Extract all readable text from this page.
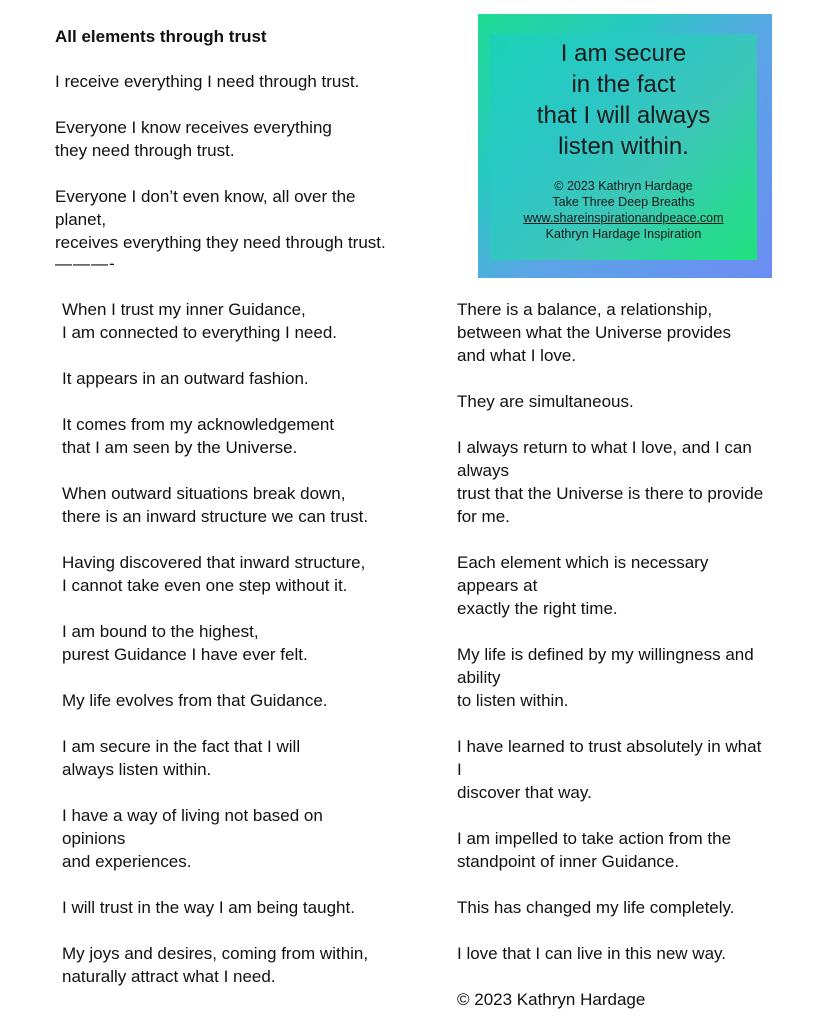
All elements through trust
I receive everything I need through trust.
Everyone I know receives everything
they need through trust.
Everyone I don’t even know, all over the
planet,
receives everything they need through trust.
———-
I am secure
in the fact
that I will always
listen within.
© 2023 Kathryn Hardage
Take Three Deep Breaths
www.shareinspirationandpeace.com
Kathryn Hardage Inspiration
When I trust my inner Guidance,
I am connected to everything I need.
It appears in an outward fashion.
It comes from my acknowledgement
that I am seen by the Universe.
When outward situations break down,
there is an inward structure we can trust.
Having discovered that inward structure,
I cannot take even one step without it.
I am bound to the highest,
purest Guidance I have ever felt.
My life evolves from that Guidance.
I am secure in the fact that I will
always listen within.
I have a way of living not based on
opinions
and experiences.
I will trust in the way I am being taught.
My joys and desires, coming from within,
naturally attract what I need.
There is a balance, a relationship,
between what the Universe provides
and what I love.
They are simultaneous.
I always return to what I love, and I can
always
trust that the Universe is there to provide
for me.
Each element which is necessary
appears at
exactly the right time.
My life is defined by my willingness and
ability
to listen within.
I have learned to trust absolutely in what
I
discover that way.
I am impelled to take action from the
standpoint of inner Guidance.
This has changed my life completely.
I love that I can live in this new way.
© 2023 Kathryn Hardage
